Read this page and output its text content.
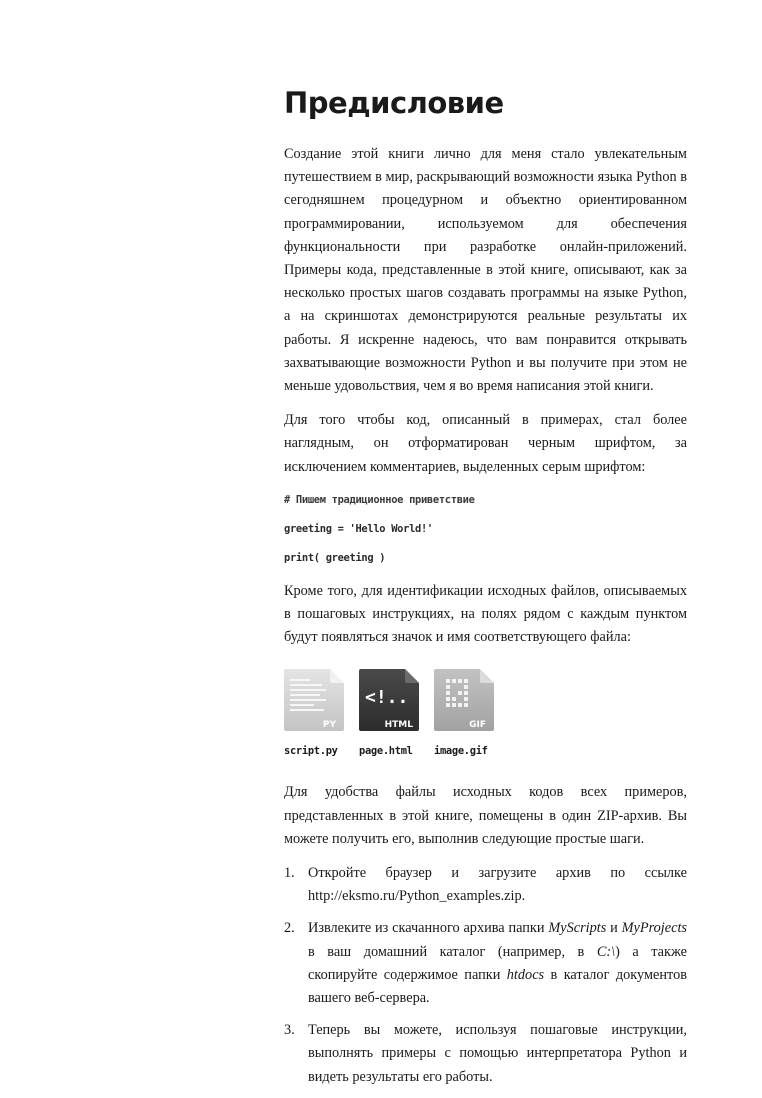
Предисловие

Создание этой книги лично для меня стало увлекательным путешествием в мир, раскрывающий возможности языка Python в сегодняшнем процедурном и объектно ориентированном программировании, используемом для обеспечения функциональности при разработке онлайн-приложений. Примеры кода, представленные в этой книге, описывают, как за несколько простых шагов создавать программы на языке Python, а на скриншотах демонстрируются реальные результаты их работы. Я искренне надеюсь, что вам понравится открывать захватывающие возможности Python и вы получите при этом не меньше удовольствия, чем я во время написания этой книги.

Для того чтобы код, описанный в примерах, стал более наглядным, он отформатирован черным шрифтом, за исключением комментариев, выделенных серым шрифтом:

# Пишем традиционное приветствие
greeting = 'Hello World!'
print( greeting )

Кроме того, для идентификации исходных файлов, описываемых в пошаговых инструкциях, на полях рядом с каждым пунктом будут появляться значок и имя соответствующего файла:

PY
script.py
<!..
HTML
page.html
GIF
image.gif

Для удобства файлы исходных кодов всех примеров, представленных в этой книге, помещены в один ZIP-архив. Вы можете получить его, выполнив следующие простые шаги.

1. Откройте браузер и загрузите архив по ссылке http://eksmo.ru/Python_examples.zip.
2. Извлеките из скачанного архива папки MyScripts и MyProjects в ваш домашний каталог (например, в C:\) а также скопируйте содержимое папки htdocs в каталог документов вашего веб-сервера.
3. Теперь вы можете, используя пошаговые инструкции, выполнять примеры с помощью интерпретатора Python и видеть результаты его работы.
